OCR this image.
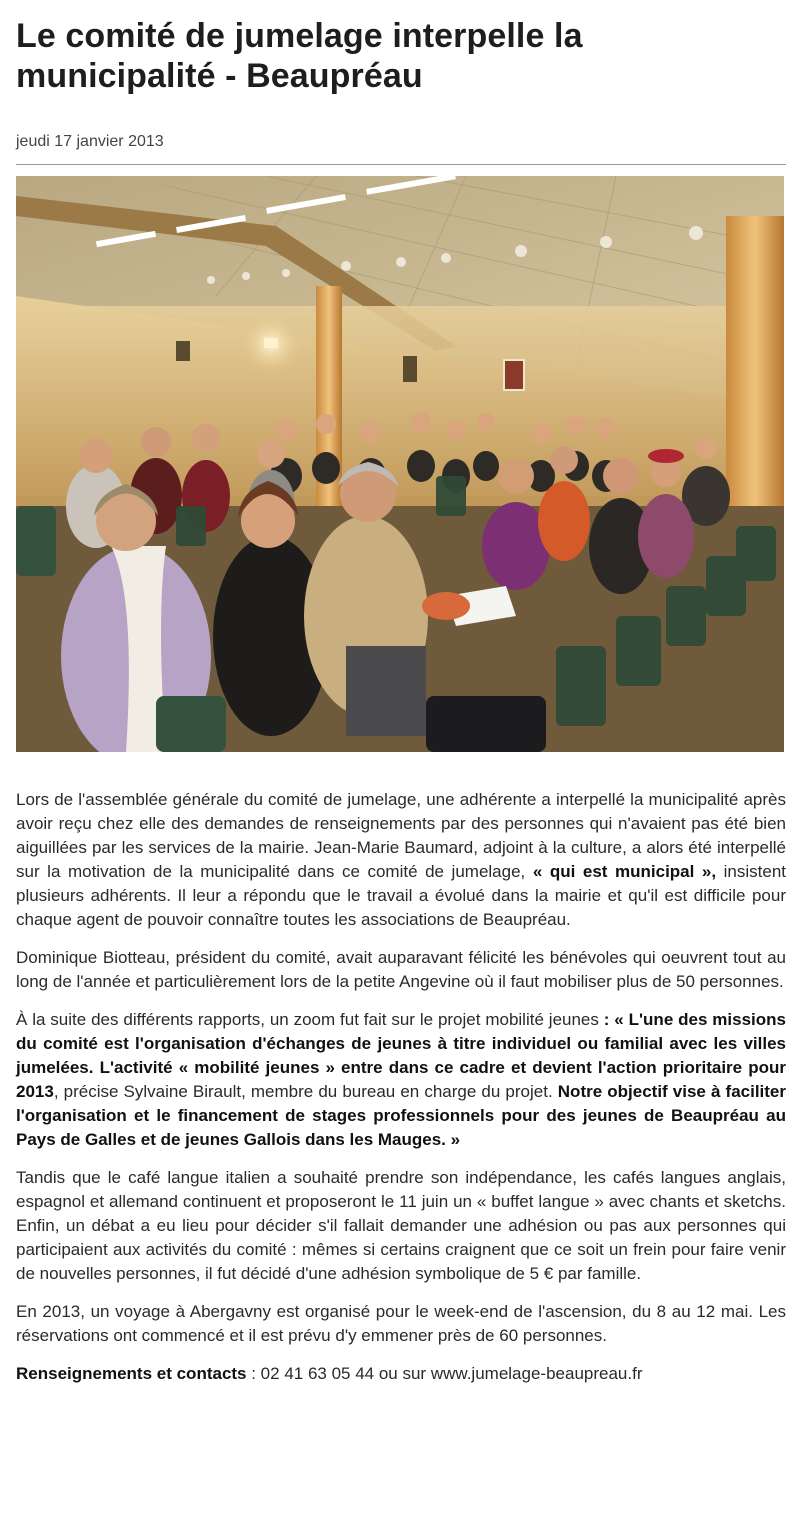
Le comité de jumelage interpelle la municipalité - Beaupréau
jeudi 17 janvier 2013

Lors de l'assemblée générale du comité de jumelage, une adhérente a interpellé la municipalité après avoir reçu chez elle des demandes de renseignements par des personnes qui n'avaient pas été bien aiguillées par les services de la mairie. Jean-Marie Baumard, adjoint à la culture, a alors été interpellé sur la motivation de la municipalité dans ce comité de jumelage, « qui est municipal », insistent plusieurs adhérents. Il leur a répondu que le travail a évolué dans la mairie et qu'il est difficile pour chaque agent de pouvoir connaître toutes les associations de Beaupréau.

Dominique Biotteau, président du comité, avait auparavant félicité les bénévoles qui oeuvrent tout au long de l'année et particulièrement lors de la petite Angevine où il faut mobiliser plus de 50 personnes.

À la suite des différents rapports, un zoom fut fait sur le projet mobilité jeunes : « L'une des missions du comité est l'organisation d'échanges de jeunes à titre individuel ou familial avec les villes jumelées. L'activité « mobilité jeunes » entre dans ce cadre et devient l'action prioritaire pour 2013, précise Sylvaine Birault, membre du bureau en charge du projet. Notre objectif vise à faciliter l'organisation et le financement de stages professionnels pour des jeunes de Beaupréau au Pays de Galles et de jeunes Gallois dans les Mauges. »

Tandis que le café langue italien a souhaité prendre son indépendance, les cafés langues anglais, espagnol et allemand continuent et proposeront le 11 juin un « buffet langue » avec chants et sketchs. Enfin, un débat a eu lieu pour décider s'il fallait demander une adhésion ou pas aux personnes qui participaient aux activités du comité : mêmes si certains craignent que ce soit un frein pour faire venir de nouvelles personnes, il fut décidé d'une adhésion symbolique de 5 € par famille.

En 2013, un voyage à Abergavny est organisé pour le week-end de l'ascension, du 8 au 12 mai. Les réservations ont commencé et il est prévu d'y emmener près de 60 personnes.

Renseignements et contacts : 02 41 63 05 44 ou sur www.jumelage-beaupreau.fr
